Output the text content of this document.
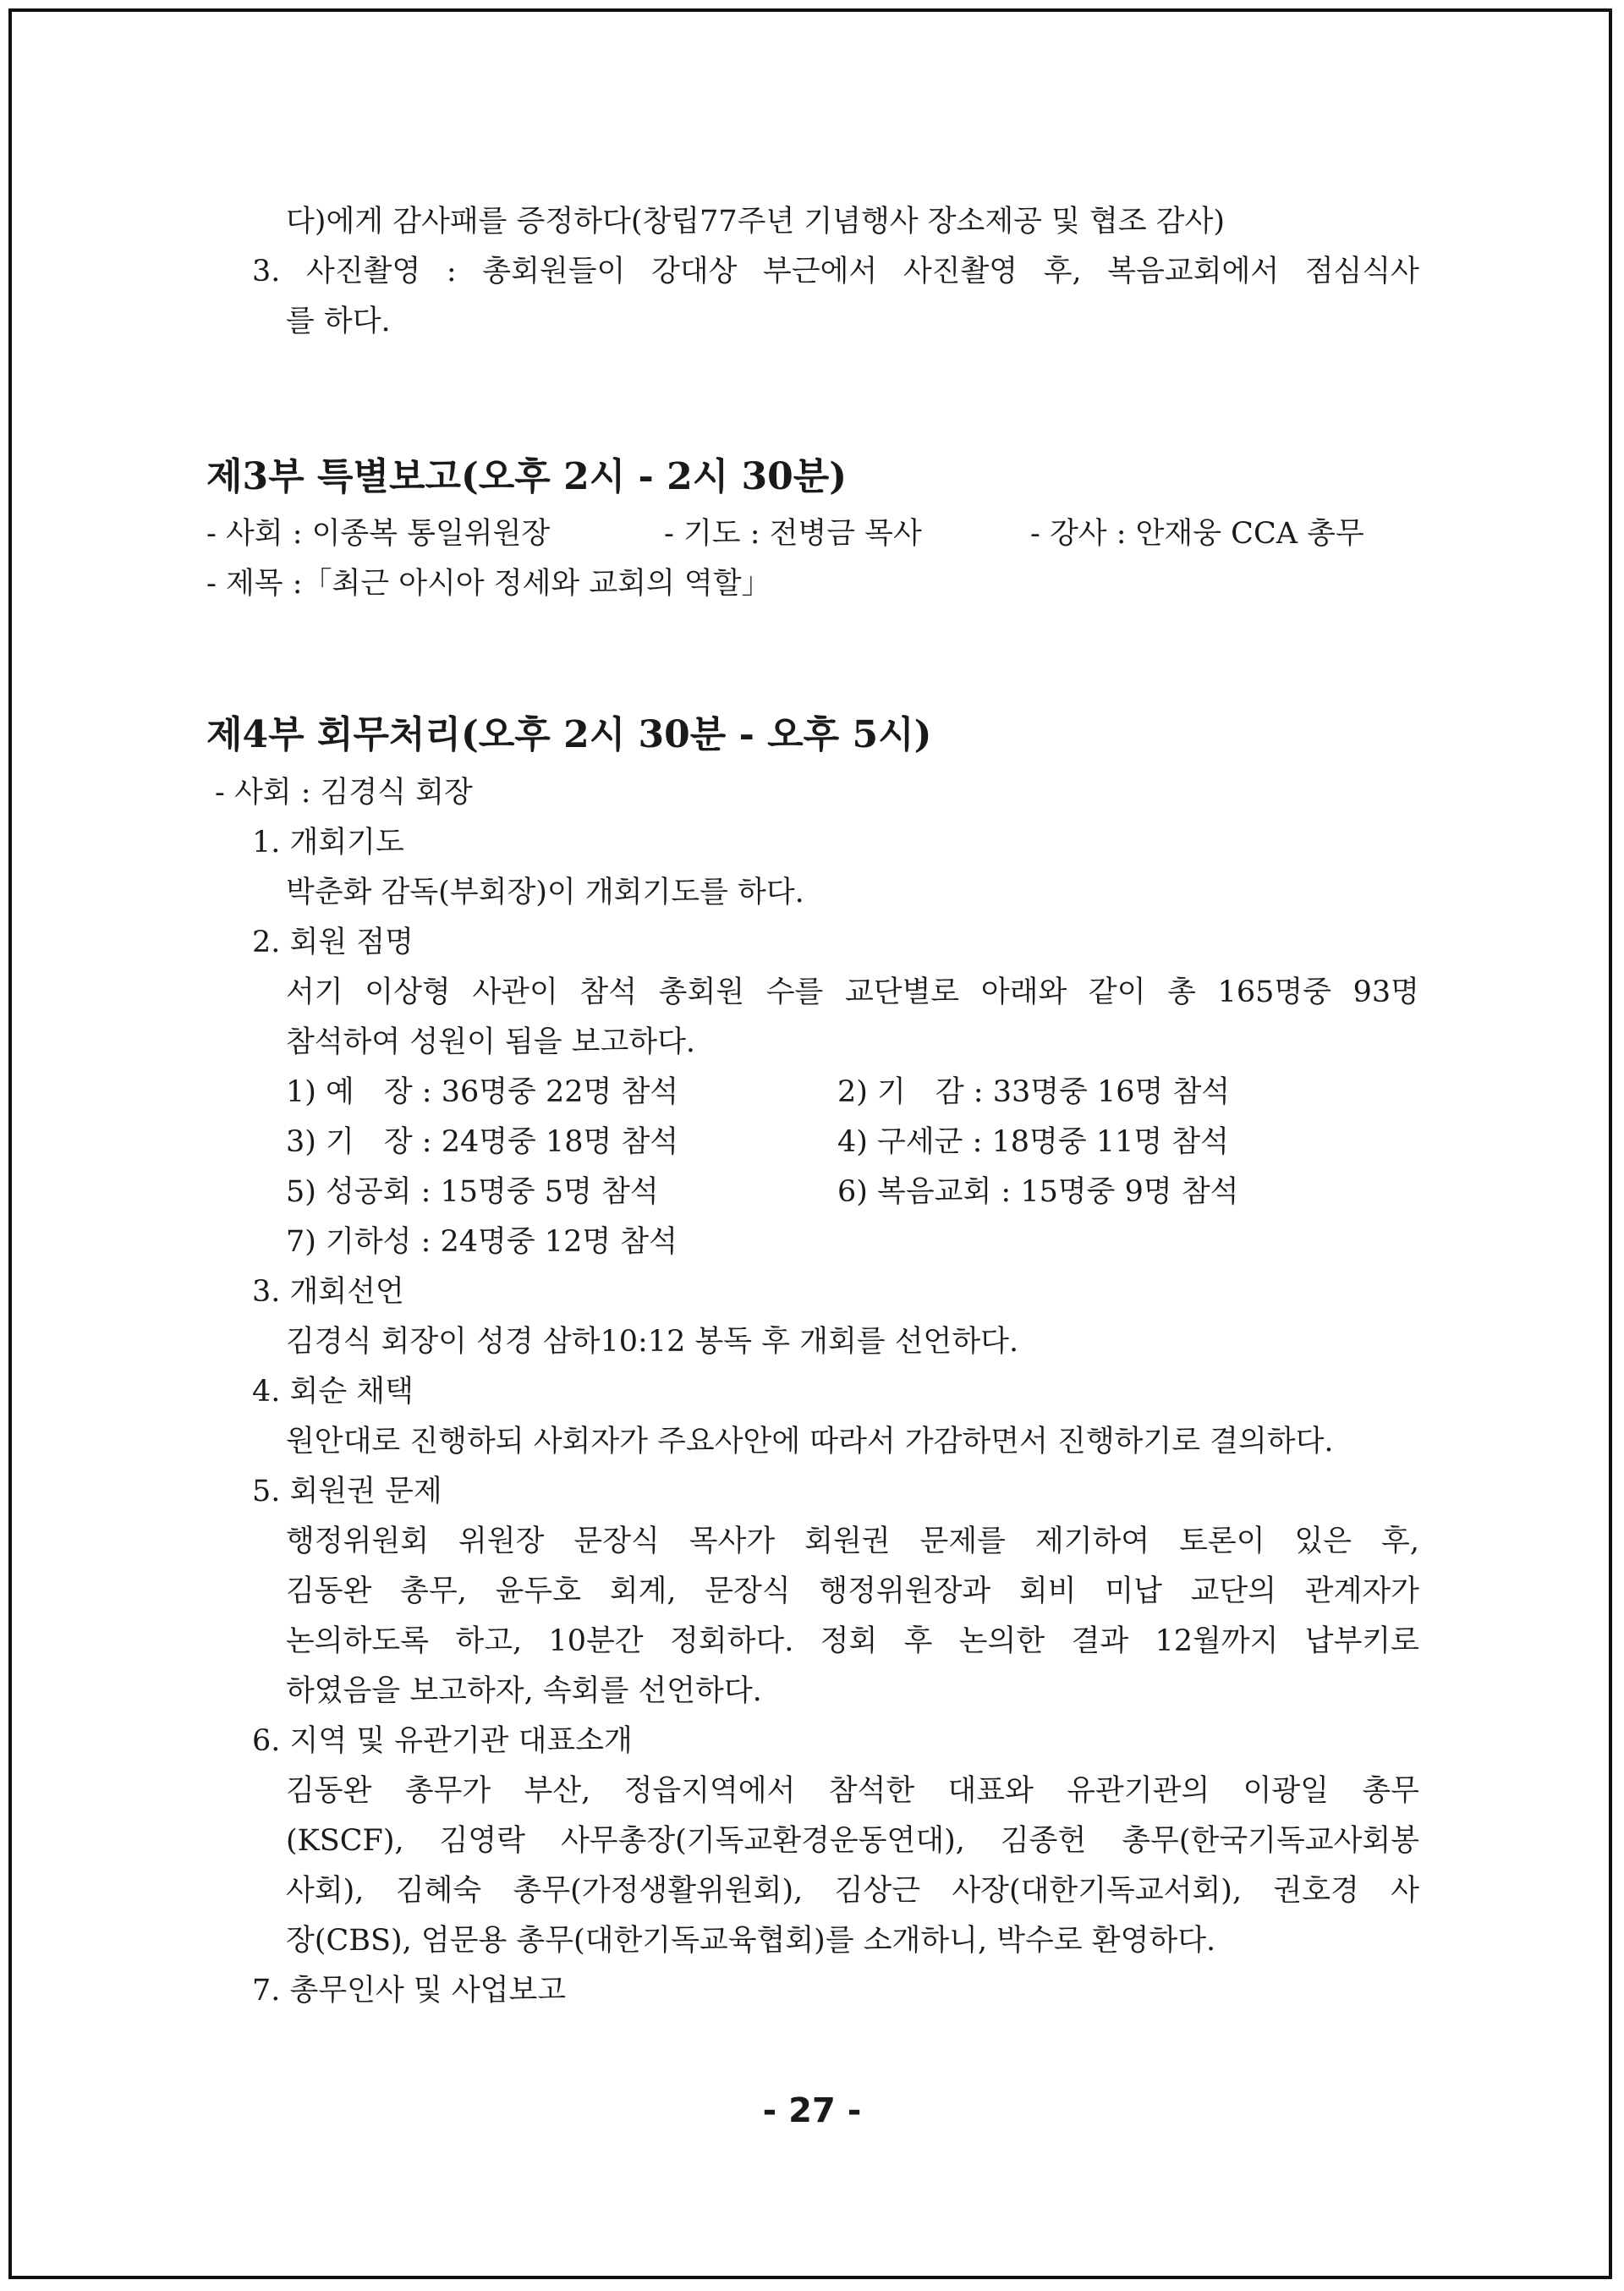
다)에게 감사패를 증정하다(창립77주년 기념행사 장소제공 및 협조 감사)
3. 사진촬영 : 총회원들이 강대상 부근에서 사진촬영 후, 복음교회에서 점심식사
를 하다.
제3부 특별보고(오후 2시 - 2시 30분)
- 사회 : 이종복 통일위원장	- 기도 : 전병금 목사	- 강사 : 안재웅 CCA 총무
- 제목 :「최근 아시아 정세와 교회의 역할」
제4부 회무처리(오후 2시 30분 - 오후 5시)
- 사회 : 김경식 회장
1. 개회기도
박춘화 감독(부회장)이 개회기도를 하다.
2. 회원 점명
서기 이상형 사관이 참석 총회원 수를 교단별로 아래와 같이 총 165명중 93명
참석하여 성원이 됨을 보고하다.
1) 예　장 : 36명중 22명 참석	2) 기　감 : 33명중 16명 참석
3) 기　장 : 24명중 18명 참석	4) 구세군 : 18명중 11명 참석
5) 성공회 : 15명중 5명 참석	6) 복음교회 : 15명중 9명 참석
7) 기하성 : 24명중 12명 참석
3. 개회선언
김경식 회장이 성경 삼하10:12 봉독 후 개회를 선언하다.
4. 회순 채택
원안대로 진행하되 사회자가 주요사안에 따라서 가감하면서 진행하기로 결의하다.
5. 회원권 문제
행정위원회 위원장 문장식 목사가 회원권 문제를 제기하여 토론이 있은 후,
김동완 총무, 윤두호 회계, 문장식 행정위원장과 회비 미납 교단의 관계자가
논의하도록 하고, 10분간 정회하다. 정회 후 논의한 결과 12월까지 납부키로
하였음을 보고하자, 속회를 선언하다.
6. 지역 및 유관기관 대표소개
김동완 총무가 부산, 정읍지역에서 참석한 대표와 유관기관의 이광일 총무
(KSCF), 김영락 사무총장(기독교환경운동연대), 김종헌 총무(한국기독교사회봉
사회), 김혜숙 총무(가정생활위원회), 김상근 사장(대한기독교서회), 권호경 사
장(CBS), 엄문용 총무(대한기독교육협회)를 소개하니, 박수로 환영하다.
7. 총무인사 및 사업보고
- 27 -
